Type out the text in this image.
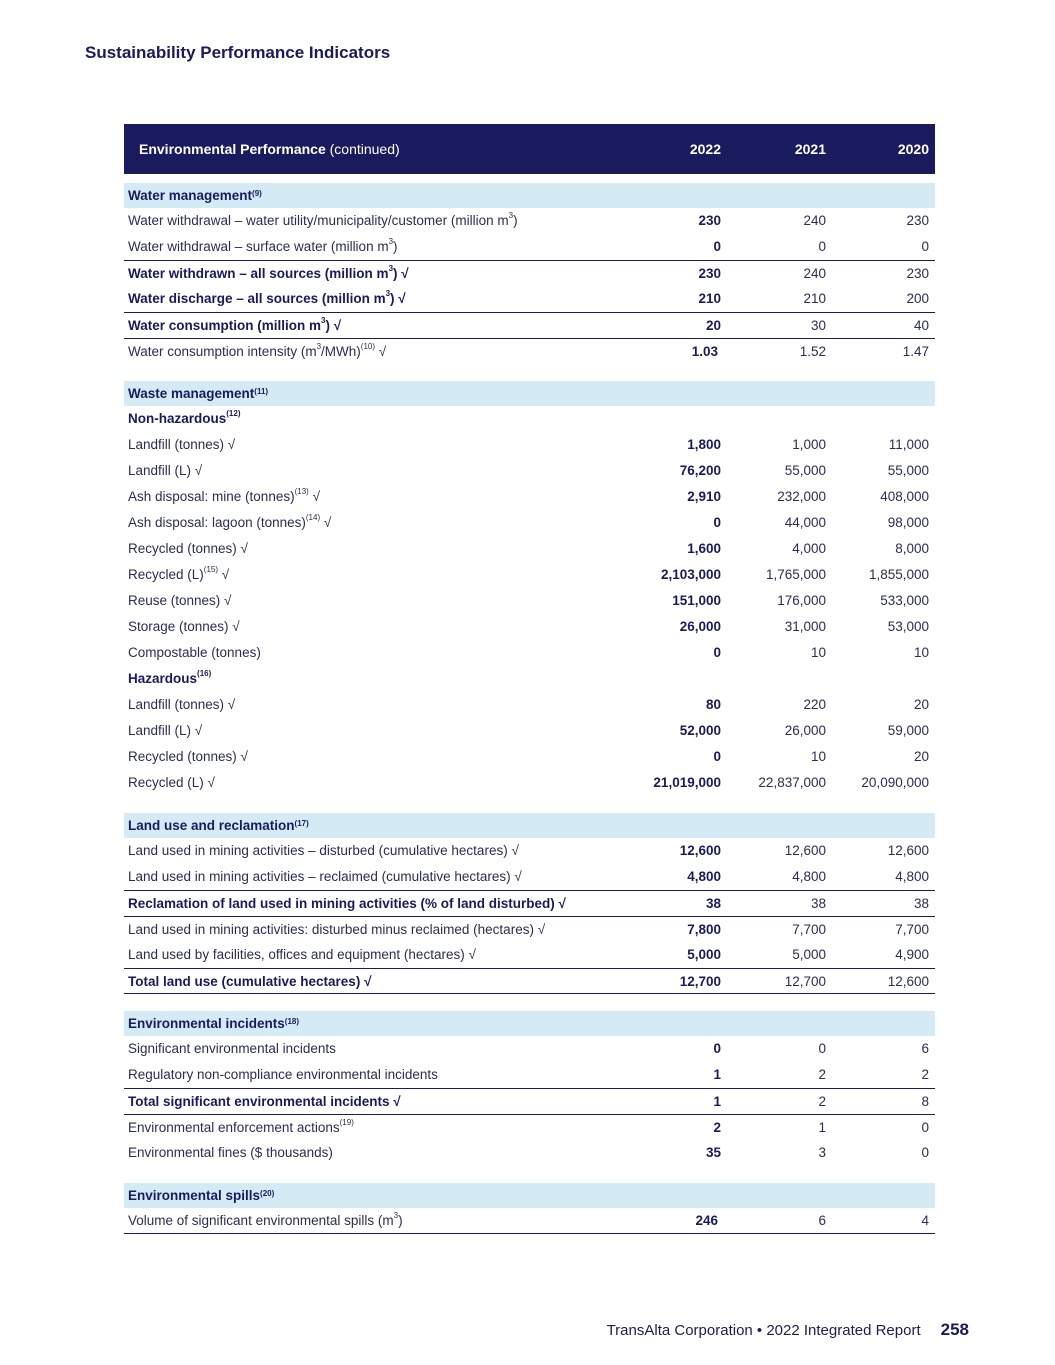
Sustainability Performance Indicators
Environmental Performance (continued)	2022	2021	2020
Water management$^{(9)}$
Water withdrawal – water utility/municipality/customer (million $m^3$)	230	240	230
Water withdrawal – surface water (million $m^3$)	0	0	0
Water withdrawn – all sources (million $m^3$) √	230	240	230
Water discharge – all sources (million $m^3$) √	210	210	200
Water consumption (million $m^3$) √	20	30	40
Water consumption intensity $(m^3/MWh)^{(10)}$ √	1.03	1.52	1.47
Waste management$^{(11)}$
Non-hazardous$^{(12)}$
Landfill (tonnes) √	1,800	1,000	11,000
Landfill (L) √	76,200	55,000	55,000
Ash disposal: mine (tonnes)$^{(13)}$ √	2,910	232,000	408,000
Ash disposal: lagoon (tonnes)$^{(14)}$ √	0	44,000	98,000
Recycled (tonnes) √	1,600	4,000	8,000
Recycled $(L)^{(15)}$ √	2,103,000	1,765,000	1,855,000
Reuse (tonnes) √	151,000	176,000	533,000
Storage (tonnes) √	26,000	31,000	53,000
Compostable (tonnes)	0	10	10
Hazardous$^{(16)}$
Landfill (tonnes) √	80	220	20
Landfill (L) √	52,000	26,000	59,000
Recycled (tonnes) √	0	10	20
Recycled (L) √	21,019,000	22,837,000	20,090,000
Land use and reclamation$^{(17)}$
Land used in mining activities – disturbed (cumulative hectares) √	12,600	12,600	12,600
Land used in mining activities – reclaimed (cumulative hectares) √	4,800	4,800	4,800
Reclamation of land used in mining activities (% of land disturbed) √	38	38	38
Land used in mining activities: disturbed minus reclaimed (hectares) √	7,800	7,700	7,700
Land used by facilities, offices and equipment (hectares) √	5,000	5,000	4,900
Total land use (cumulative hectares) √	12,700	12,700	12,600
Environmental incidents$^{(18)}$
Significant environmental incidents	0	0	6
Regulatory non-compliance environmental incidents	1	2	2
Total significant environmental incidents √	1	2	8
Environmental enforcement actions$^{(19)}$	2	1	0
Environmental fines ($ thousands)	35	3	0
Environmental spills$^{(20)}$
Volume of significant environmental spills $(m^3)$	246	6	4
TransAlta Corporation • 2022 Integrated Report 258
